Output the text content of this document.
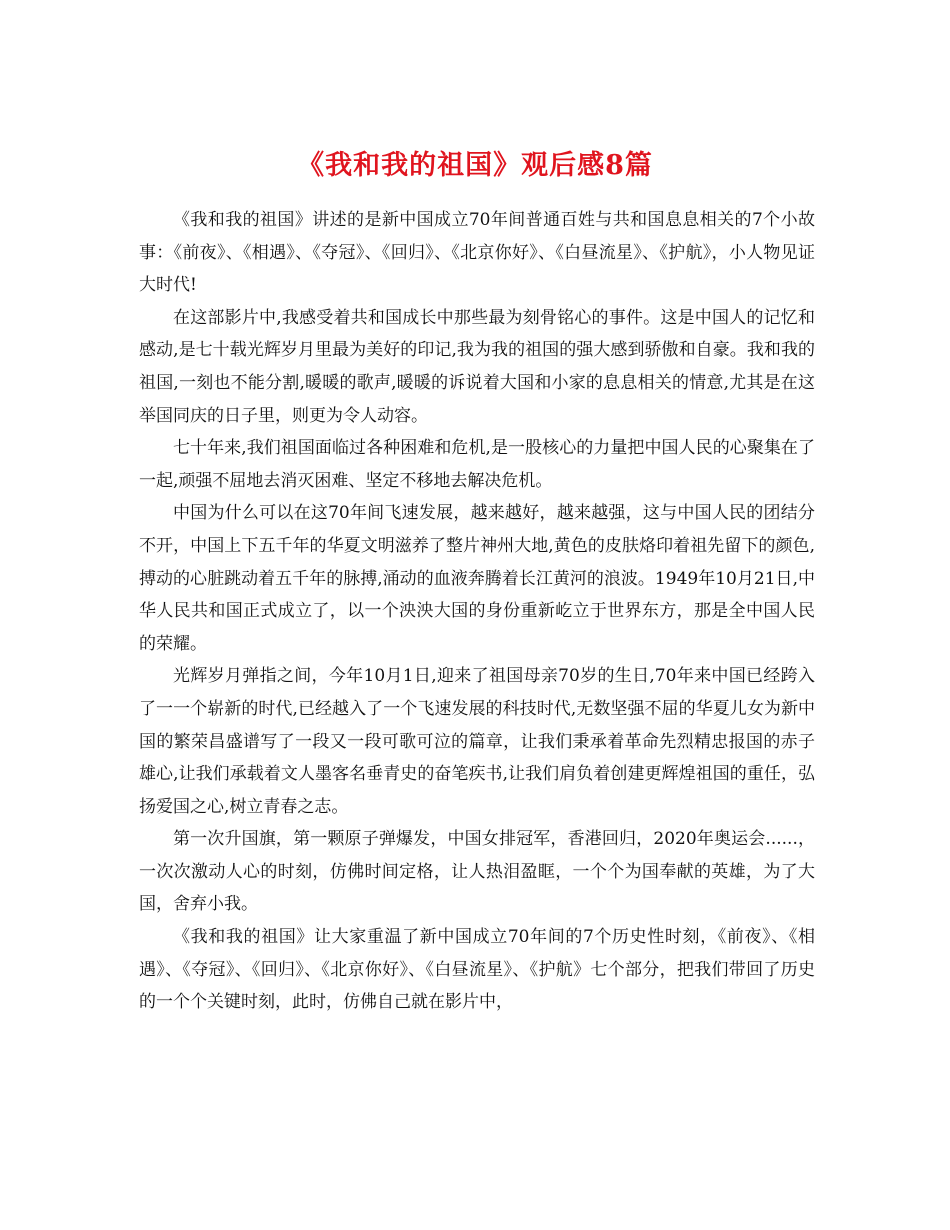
《我和我的祖国》观后感8篇

《我和我的祖国》讲述的是新中国成立70年间普通百姓与共和国息息相关的7个小故事：《前夜》、《相遇》、《夺冠》、《回归》、《北京你好》、《白昼流星》、《护航》，小人物见证大时代!

在这部影片中,我感受着共和国成长中那些最为刻骨铭心的事件。这是中国人的记忆和感动,是七十载光辉岁月里最为美好的印记,我为我的祖国的强大感到骄傲和自豪。我和我的祖国,一刻也不能分割,暖暖的歌声,暖暖的诉说着大国和小家的息息相关的情意,尤其是在这举国同庆的日子里，则更为令人动容。

七十年来,我们祖国面临过各种困难和危机,是一股核心的力量把中国人民的心聚集在了一起,顽强不屈地去消灭困难、坚定不移地去解决危机。

中国为什么可以在这70年间飞速发展，越来越好，越来越强，这与中国人民的团结分不开，中国上下五千年的华夏文明滋养了整片神州大地,黄色的皮肤烙印着祖先留下的颜色,搏动的心脏跳动着五千年的脉搏,涌动的血液奔腾着长江黄河的浪波。1949年10月21日,中华人民共和国正式成立了，以一个泱泱大国的身份重新屹立于世界东方，那是全中国人民的荣耀。

光辉岁月弹指之间，今年10月1日,迎来了祖国母亲70岁的生日,70年来中国已经跨入了一一个崭新的时代,已经越入了一个飞速发展的科技时代,无数坚强不屈的华夏儿女为新中国的繁荣昌盛谱写了一段又一段可歌可泣的篇章，让我们秉承着革命先烈精忠报国的赤子雄心,让我们承载着文人墨客名垂青史的奋笔疾书,让我们肩负着创建更辉煌祖国的重任，弘扬爱国之心,树立青春之志。

第一次升国旗，第一颗原子弹爆发，中国女排冠军，香港回归，2020年奥运会......，一次次激动人心的时刻，仿佛时间定格，让人热泪盈眶，一个个为国奉献的英雄，为了大国，舍弃小我。

《我和我的祖国》让大家重温了新中国成立70年间的7个历史性时刻，《前夜》、《相遇》、《夺冠》、《回归》、《北京你好》、《白昼流星》、《护航》七个部分，把我们带回了历史的一个个关键时刻，此时，仿佛自己就在影片中，
